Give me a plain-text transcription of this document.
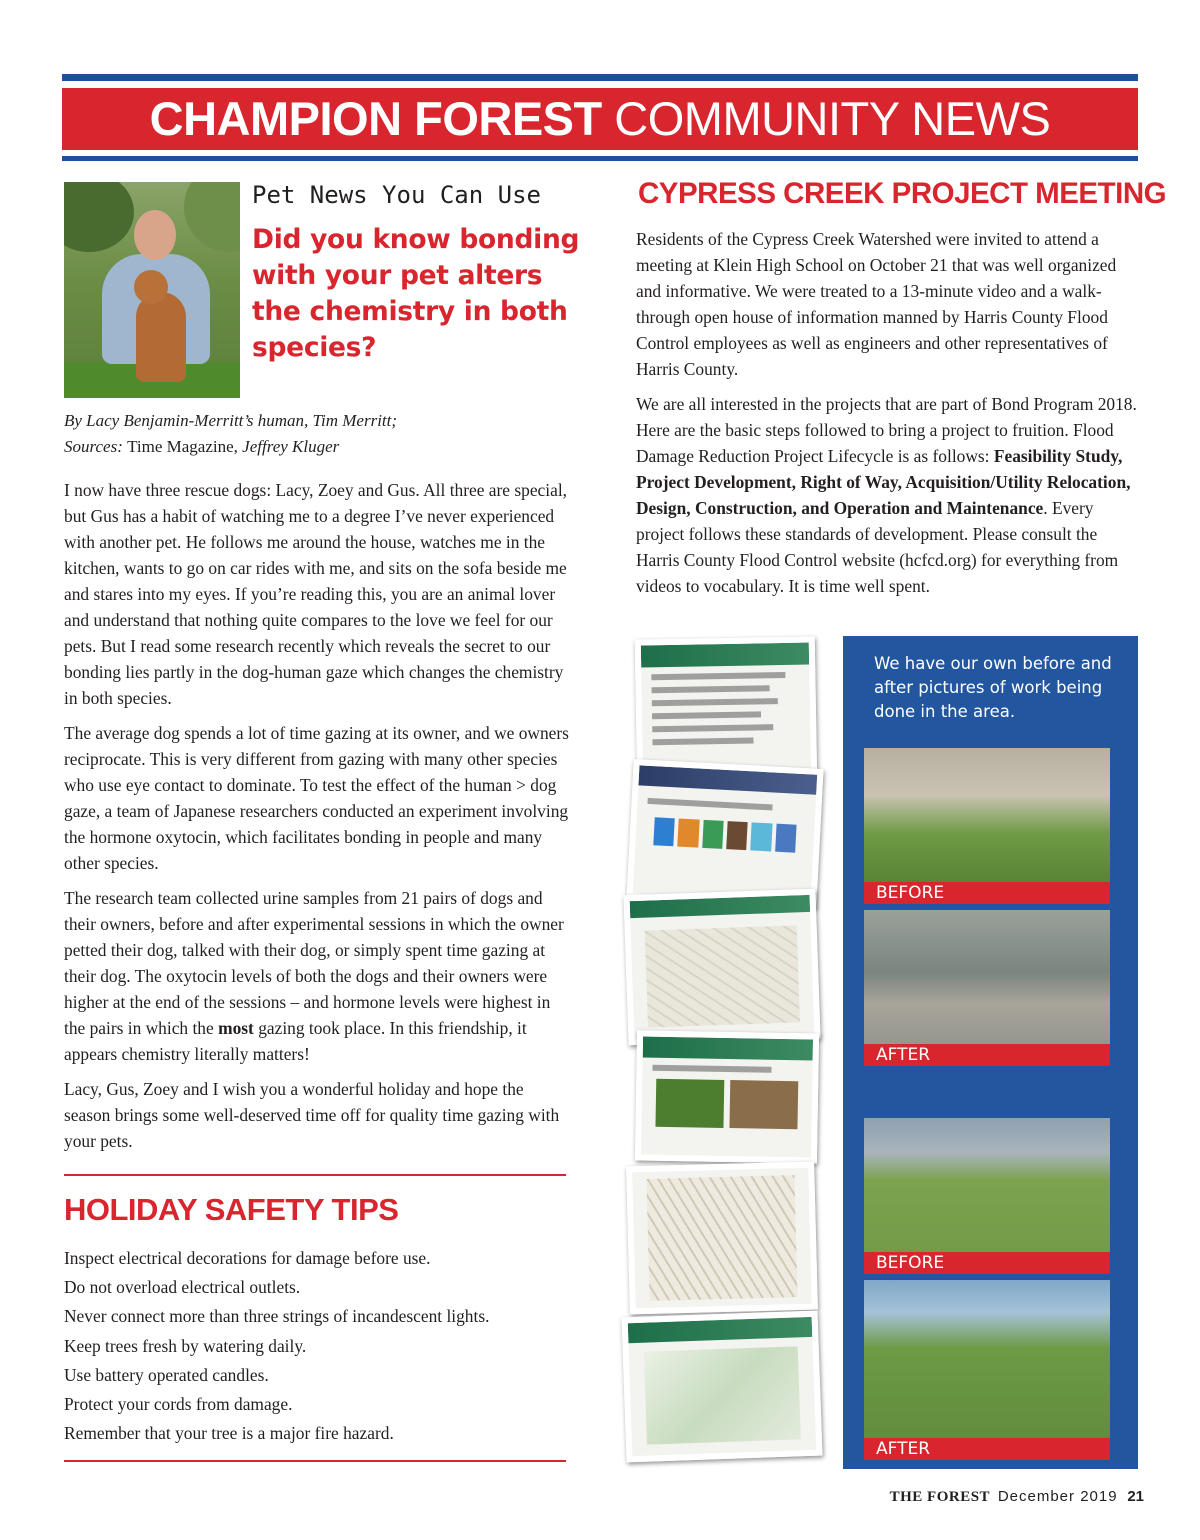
CHAMPION FOREST COMMUNITY NEWS
Pet News You Can Use
Did you know bonding with your pet alters the chemistry in both species?
By Lacy Benjamin-Merritt’s human, Tim Merritt;
Sources: Time Magazine, Jeffrey Kluger

I now have three rescue dogs: Lacy, Zoey and Gus. All three are special, but Gus has a habit of watching me to a degree I’ve never experienced with another pet. He follows me around the house, watches me in the kitchen, wants to go on car rides with me, and sits on the sofa beside me and stares into my eyes. If you’re reading this, you are an animal lover and understand that nothing quite compares to the love we feel for our pets. But I read some research recently which reveals the secret to our bonding lies partly in the dog-human gaze which changes the chemistry in both species.

The average dog spends a lot of time gazing at its owner, and we owners reciprocate. This is very different from gazing with many other species who use eye contact to dominate. To test the effect of the human > dog gaze, a team of Japanese researchers conducted an experiment involving the hormone oxytocin, which facilitates bonding in people and many other species.

The research team collected urine samples from 21 pairs of dogs and their owners, before and after experimental sessions in which the owner petted their dog, talked with their dog, or simply spent time gazing at their dog. The oxytocin levels of both the dogs and their owners were higher at the end of the sessions – and hormone levels were highest in the pairs in which the most gazing took place. In this friendship, it appears chemistry literally matters!

Lacy, Gus, Zoey and I wish you a wonderful holiday and hope the season brings some well-deserved time off for quality time gazing with your pets.

HOLIDAY SAFETY TIPS
Inspect electrical decorations for damage before use.
Do not overload electrical outlets.
Never connect more than three strings of incandescent lights.
Keep trees fresh by watering daily.
Use battery operated candles.
Protect your cords from damage.
Remember that your tree is a major fire hazard.
CYPRESS CREEK PROJECT MEETING

Residents of the Cypress Creek Watershed were invited to attend a meeting at Klein High School on October 21 that was well organized and informative. We were treated to a 13-minute video and a walk-through open house of information manned by Harris County Flood Control employees as well as engineers and other representatives of Harris County.

We are all interested in the projects that are part of Bond Program 2018. Here are the basic steps followed to bring a project to fruition. Flood Damage Reduction Project Lifecycle is as follows: Feasibility Study, Project Development, Right of Way, Acquisition/Utility Relocation, Design, Construction, and Operation and Maintenance. Every project follows these standards of development. Please consult the Harris County Flood Control website (hcfcd.org) for everything from videos to vocabulary. It is time well spent.

We have our own before and after pictures of work being done in the area.
BEFORE
AFTER
BEFORE
AFTER
THE FOREST December 2019 21
